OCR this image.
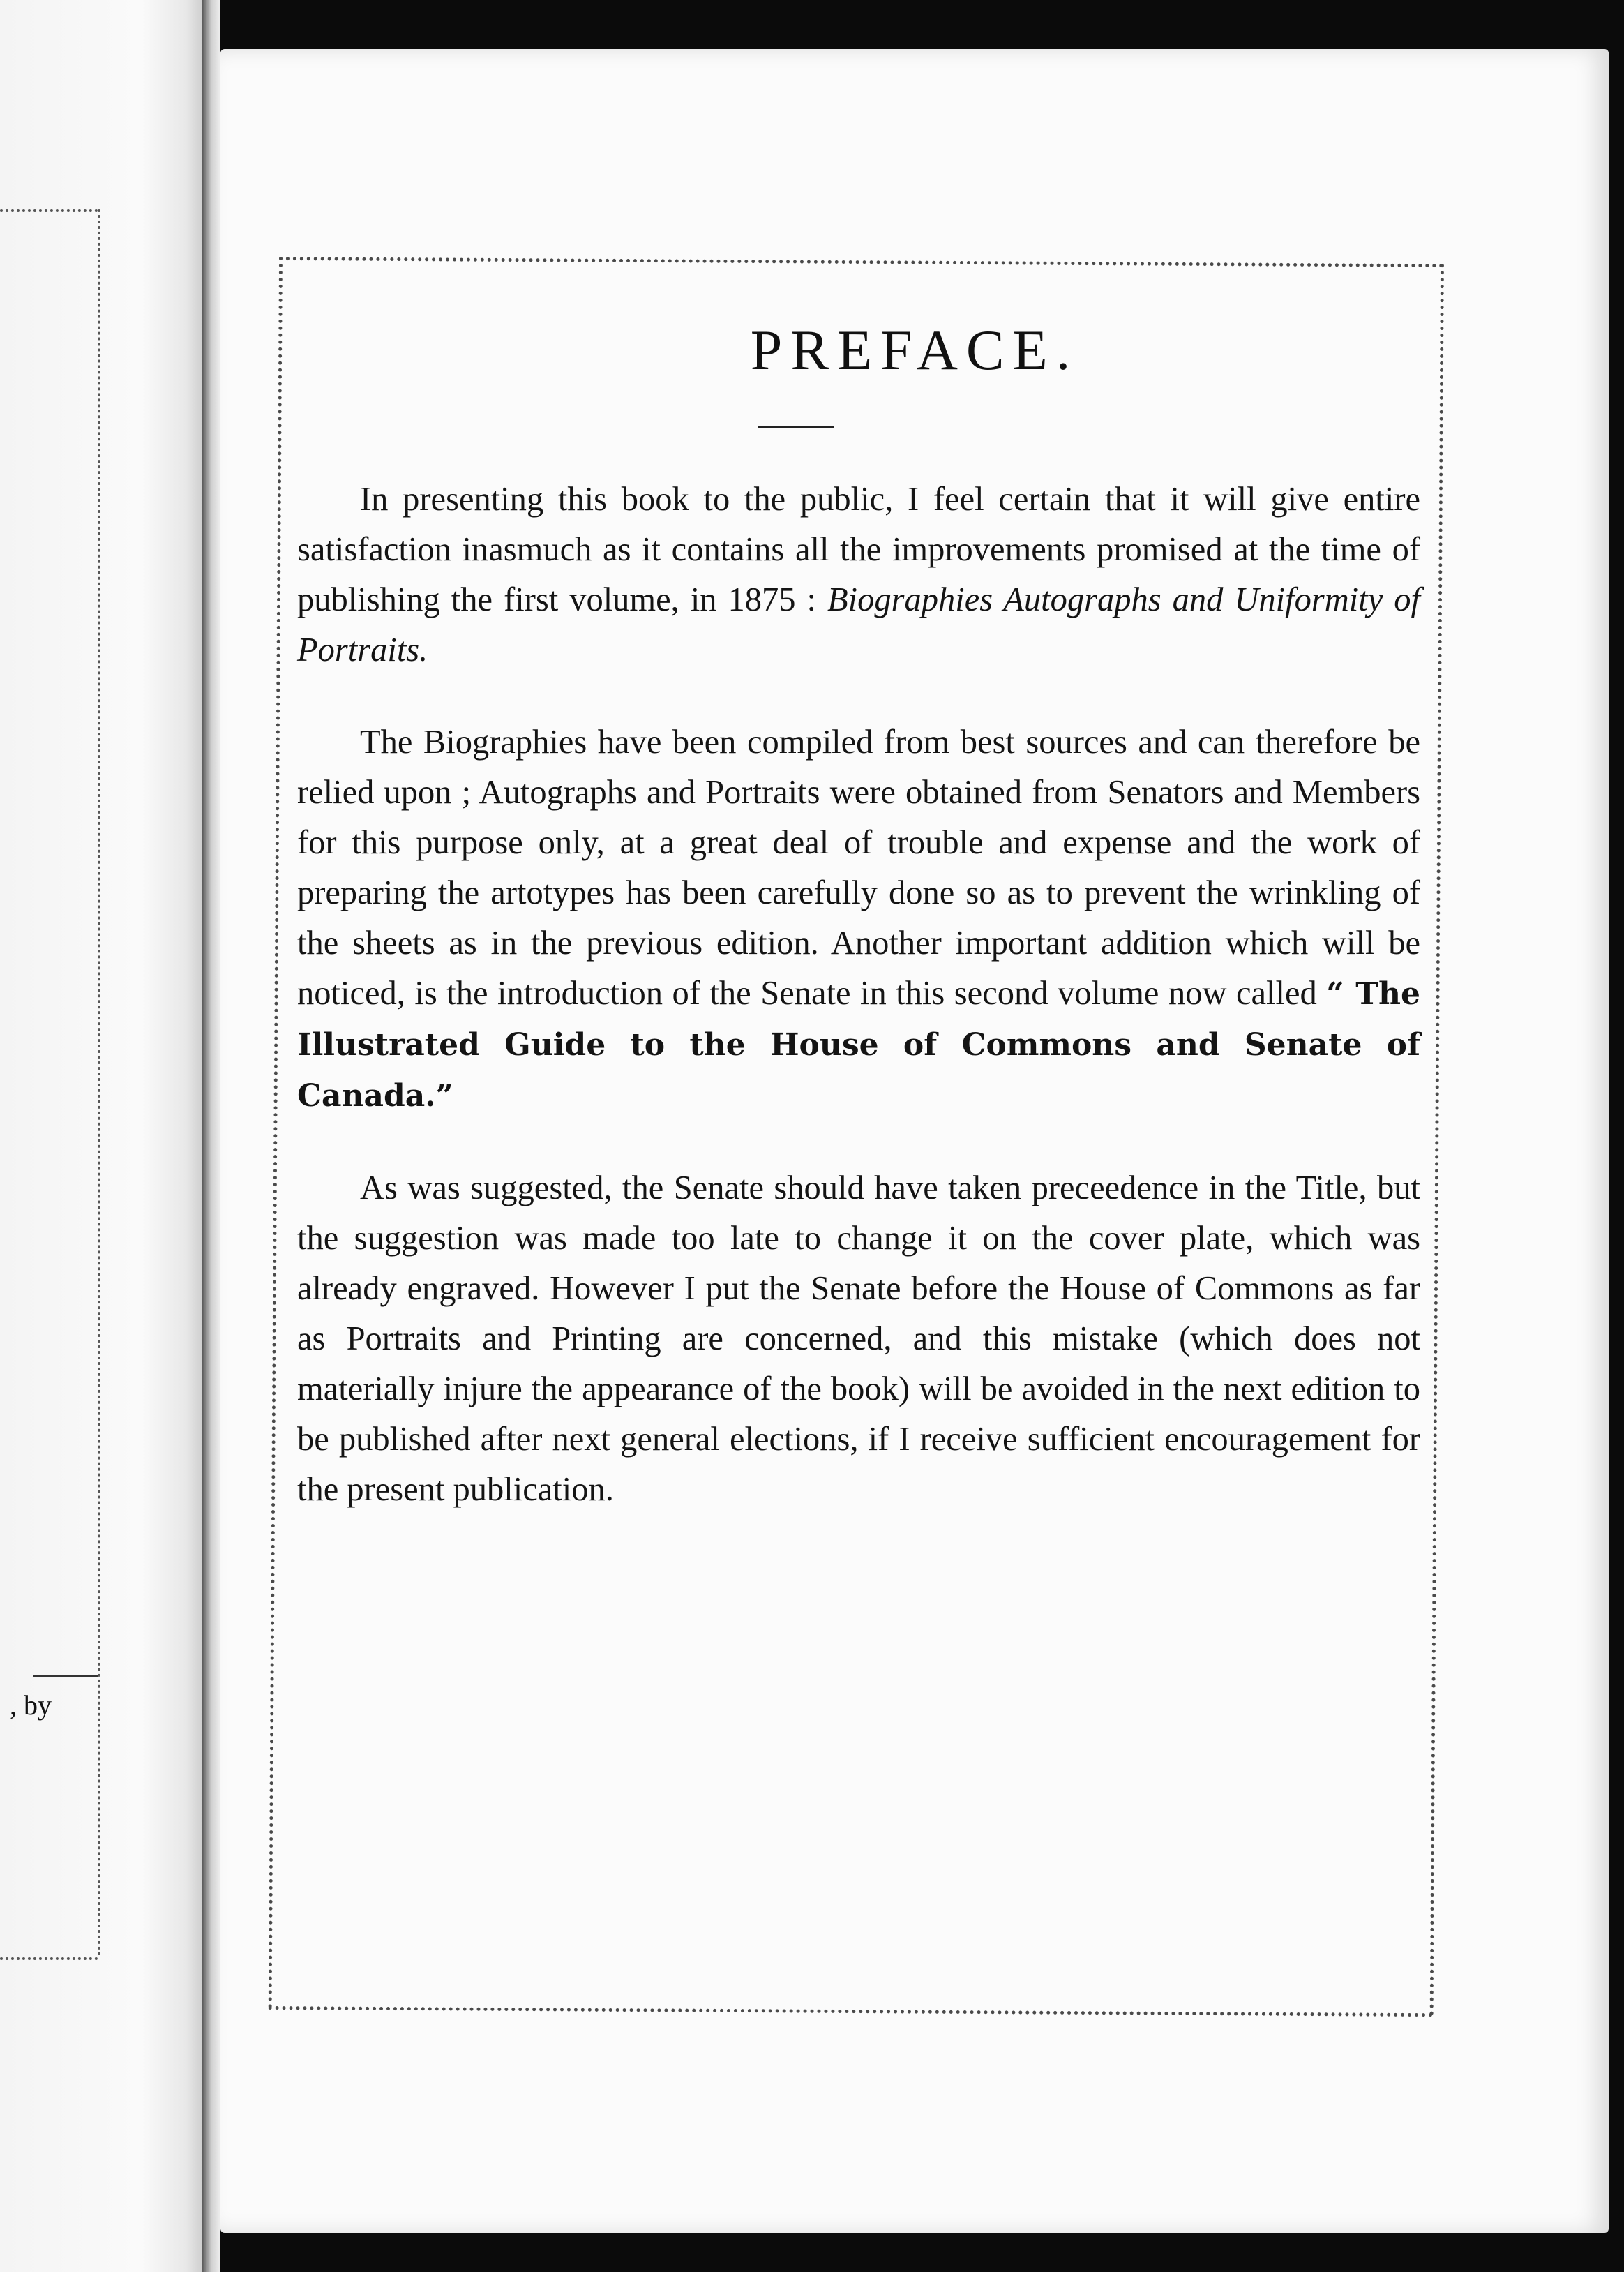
, by
PREFACE.

In presenting this book to the public, I feel certain that it will give entire satisfaction inasmuch as it contains all the improvements promised at the time of publishing the first volume, in 1875 : Biographies Autographs and Uniformity of Portraits.

The Biographies have been compiled from best sources and can therefore be relied upon ; Autographs and Portraits were obtained from Senators and Members for this purpose only, at a great deal of trouble and expense and the work of preparing the artotypes has been carefully done so as to prevent the wrinkling of the sheets as in the previous edition. Another important addition which will be noticed, is the introduction of the Senate in this second volume now called “ The Illustrated Guide to the House of Commons and Senate of Canada.”

As was suggested, the Senate should have taken preceedence in the Title, but the suggestion was made too late to change it on the cover plate, which was already engraved. However I put the Senate before the House of Commons as far as Portraits and Printing are concerned, and this mistake (which does not materially injure the appearance of the book) will be avoided in the next edition to be published after next general elections, if I receive sufficient encouragement for the present publication.
